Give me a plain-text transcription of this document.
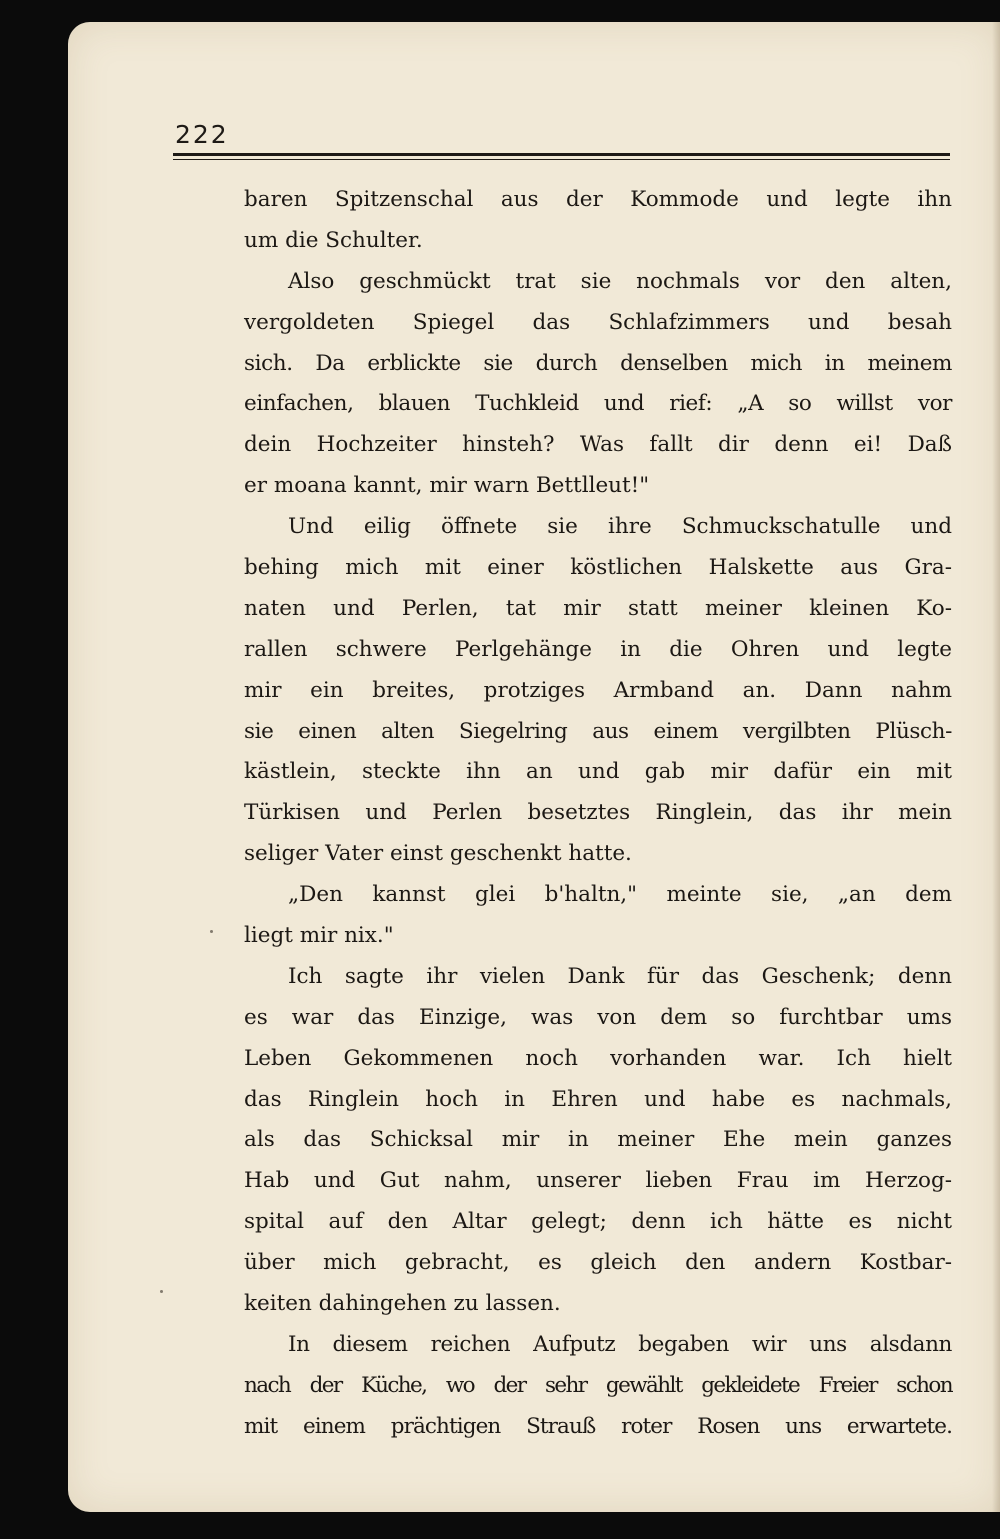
222
baren Spitzenschal aus der Kommode und legte ihn
um die Schulter.
Also geschmückt trat sie nochmals vor den alten,
vergoldeten Spiegel das Schlafzimmers und besah
sich. Da erblickte sie durch denselben mich in meinem
einfachen, blauen Tuchkleid und rief: „A so willst vor
dein Hochzeiter hinsteh? Was fallt dir denn ei! Daß
er moana kannt, mir warn Bettlleut!"
Und eilig öffnete sie ihre Schmuckschatulle und
behing mich mit einer köstlichen Halskette aus Gra-
naten und Perlen, tat mir statt meiner kleinen Ko-
rallen schwere Perlgehänge in die Ohren und legte
mir ein breites, protziges Armband an. Dann nahm
sie einen alten Siegelring aus einem vergilbten Plüsch-
kästlein, steckte ihn an und gab mir dafür ein mit
Türkisen und Perlen besetztes Ringlein, das ihr mein
seliger Vater einst geschenkt hatte.
„Den kannst glei b'haltn," meinte sie, „an dem
liegt mir nix."
Ich sagte ihr vielen Dank für das Geschenk; denn
es war das Einzige, was von dem so furchtbar ums
Leben Gekommenen noch vorhanden war. Ich hielt
das Ringlein hoch in Ehren und habe es nachmals,
als das Schicksal mir in meiner Ehe mein ganzes
Hab und Gut nahm, unserer lieben Frau im Herzog-
spital auf den Altar gelegt; denn ich hätte es nicht
über mich gebracht, es gleich den andern Kostbar-
keiten dahingehen zu lassen.
In diesem reichen Aufputz begaben wir uns alsdann
nach der Küche, wo der sehr gewählt gekleidete Freier schon
mit einem prächtigen Strauß roter Rosen uns erwartete.
